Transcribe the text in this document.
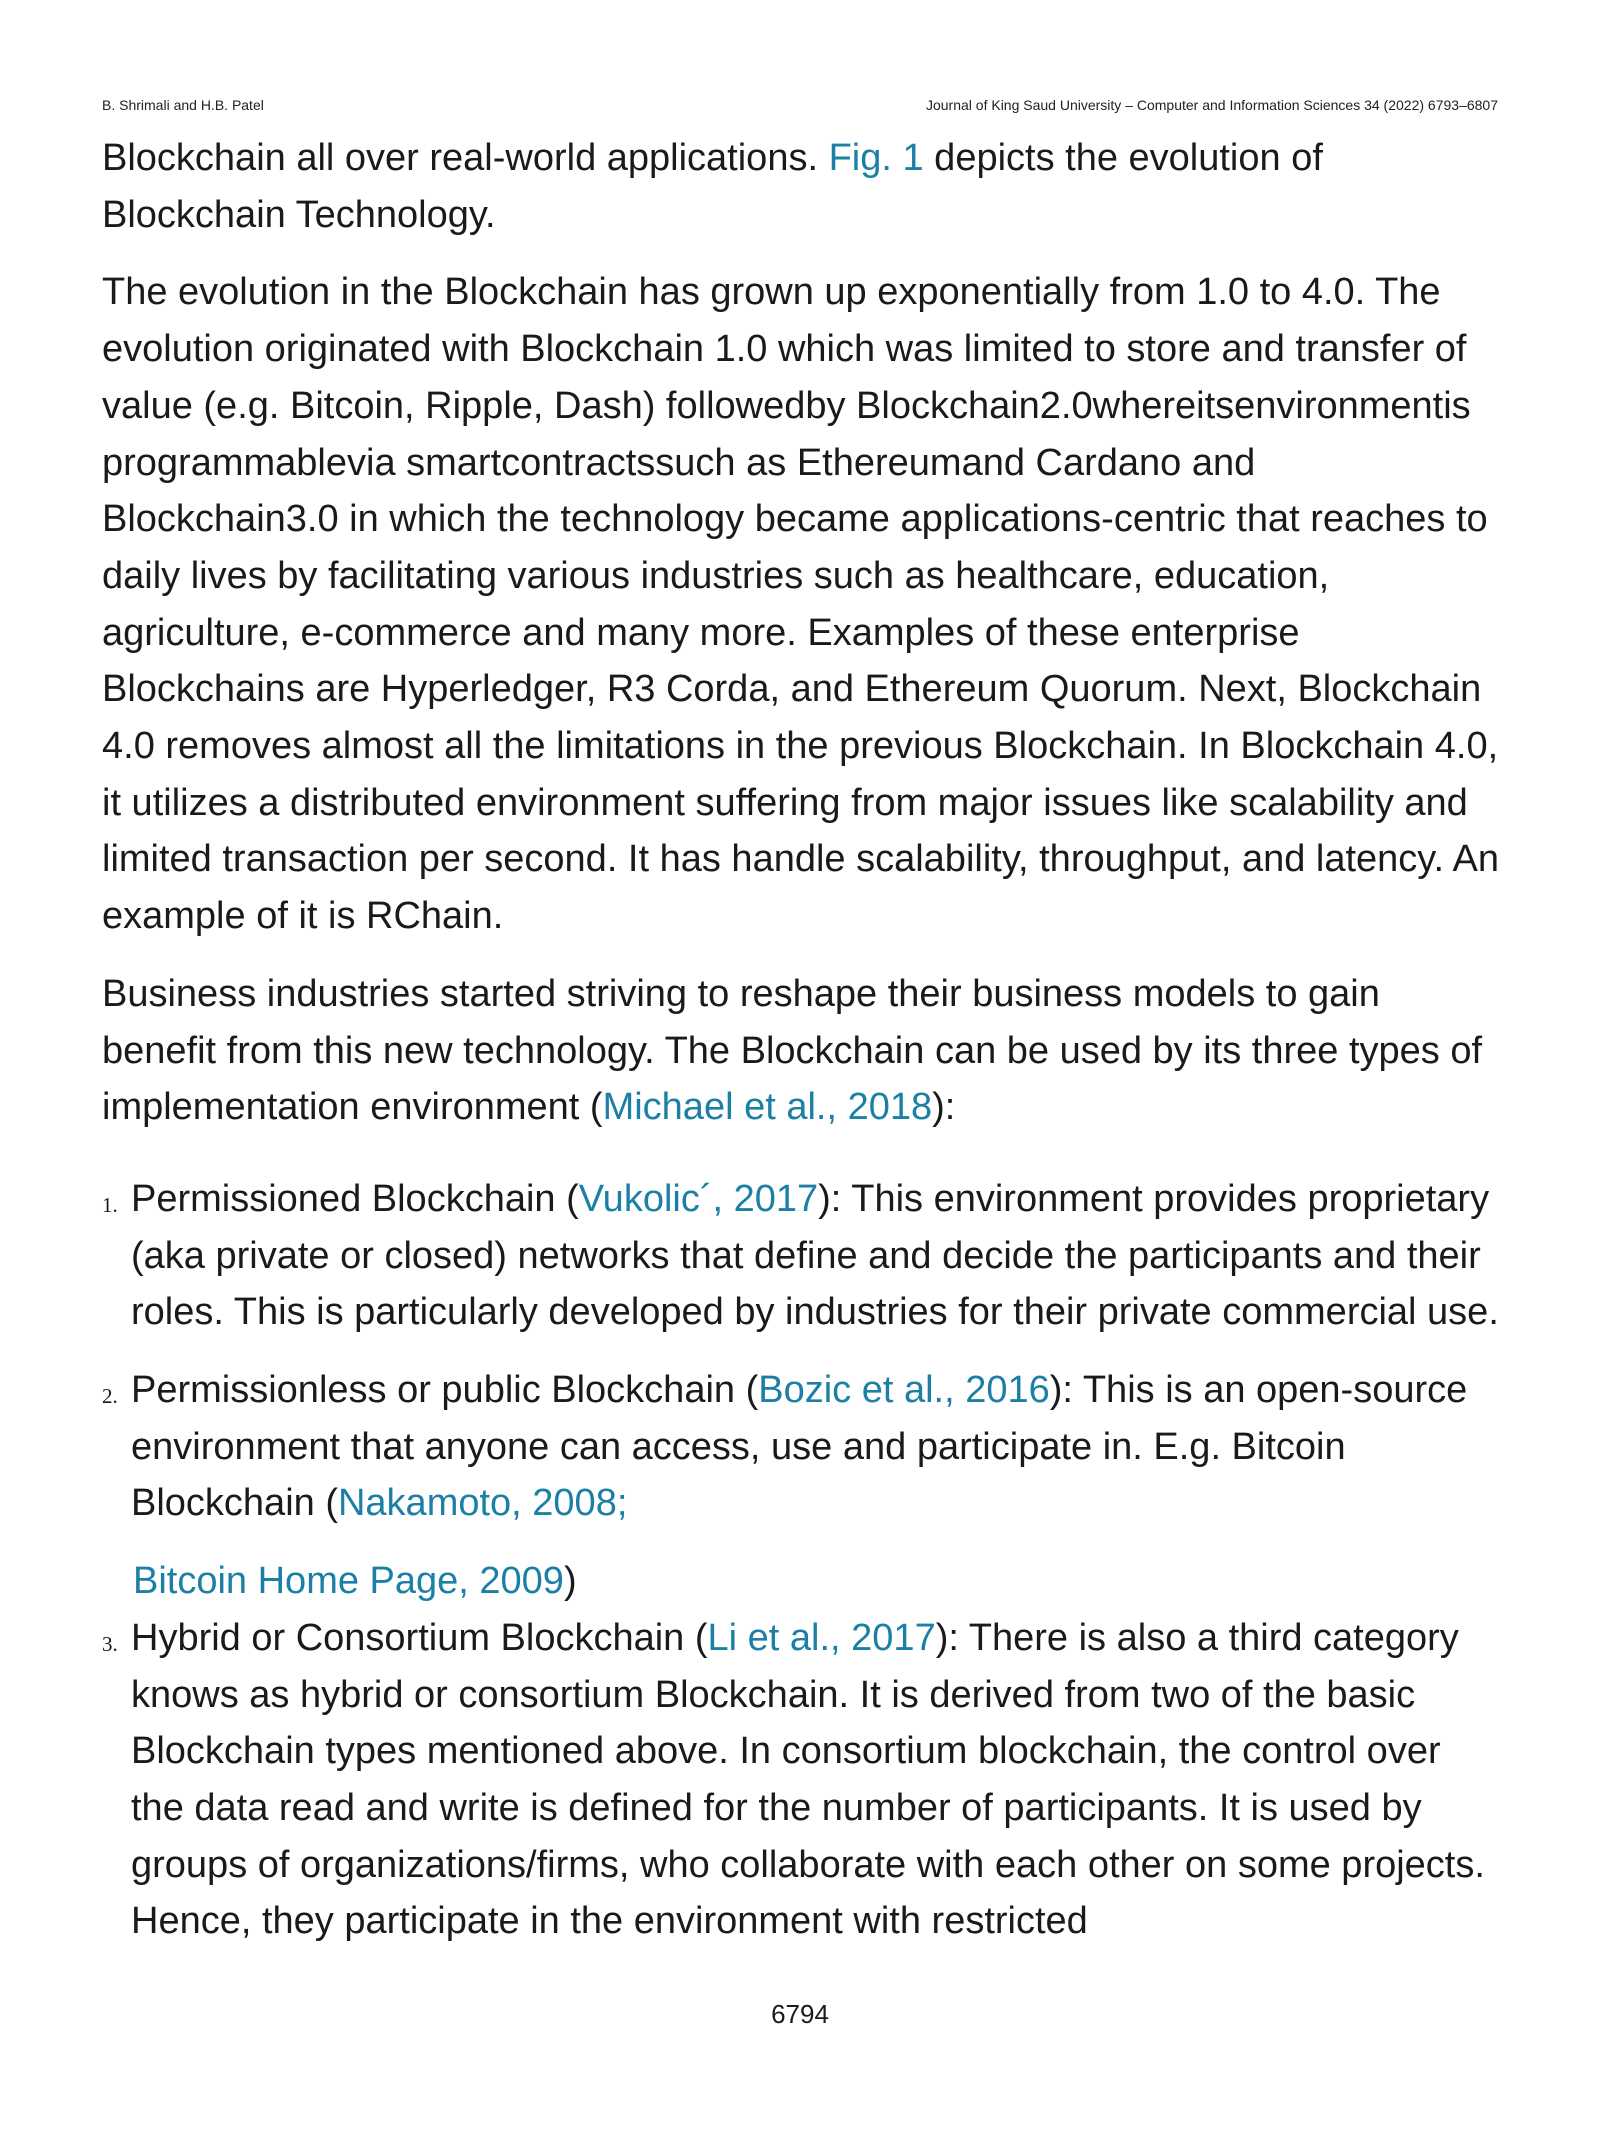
B. Shrimali and H.B. Patel	Journal of King Saud University – Computer and Information Sciences 34 (2022) 6793–6807

Blockchain all over real-world applications. Fig. 1 depicts the evolution of Blockchain Technology.

The evolution in the Blockchain has grown up exponentially from 1.0 to 4.0. The evolution originated with Blockchain 1.0 which was limited to store and transfer of value (e.g. Bitcoin, Ripple, Dash) followedby Blockchain2.0whereitsenvironmentis programmablevia smartcontractssuch as Ethereumand Cardano and Blockchain3.0 in which the technology became applications-centric that reaches to daily lives by facilitating various industries such as healthcare, education, agriculture, e-commerce and many more. Examples of these enterprise Blockchains are Hyperledger, R3 Corda, and Ethereum Quorum. Next, Blockchain 4.0 removes almost all the limitations in the previous Blockchain. In Blockchain 4.0, it utilizes a distributed environment suffering from major issues like scalability and limited transaction per second. It has handle scalability, throughput, and latency. An example of it is RChain.

Business industries started striving to reshape their business models to gain benefit from this new technology. The Blockchain can be used by its three types of implementation environment (Michael et al., 2018):

1. Permissioned Blockchain (Vukolic´, 2017): This environment provides proprietary (aka private or closed) networks that define and decide the participants and their roles. This is particularly developed by industries for their private commercial use.
2. Permissionless or public Blockchain (Bozic et al., 2016): This is an open-source environment that anyone can access, use and participate in. E.g. Bitcoin Blockchain (Nakamoto, 2008;
Bitcoin Home Page, 2009)
3. Hybrid or Consortium Blockchain (Li et al., 2017): There is also a third category knows as hybrid or consortium Blockchain. It is derived from two of the basic Blockchain types mentioned above. In consortium blockchain, the control over the data read and write is defined for the number of participants. It is used by groups of organizations/firms, who collaborate with each other on some projects. Hence, they participate in the environment with restricted
6794
